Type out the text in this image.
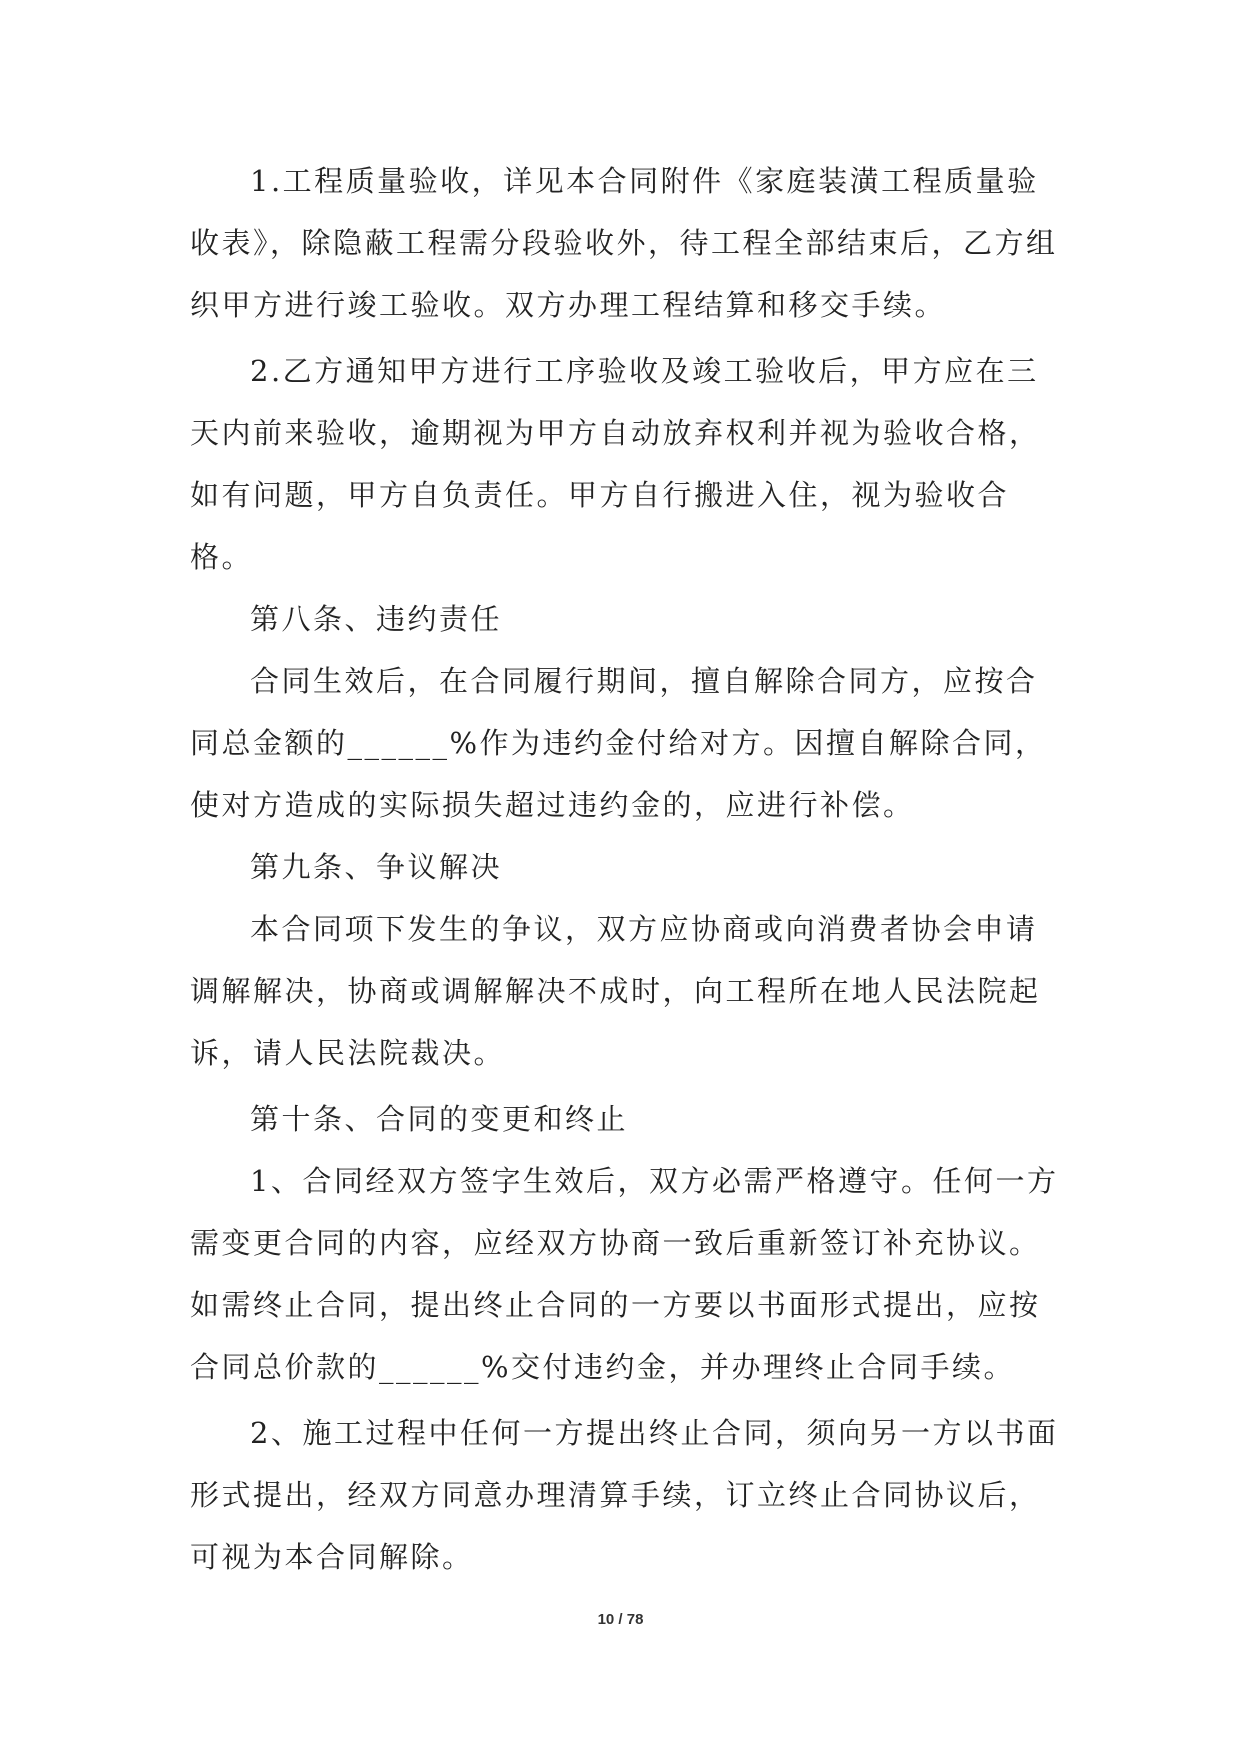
1.工程质量验收，详见本合同附件《家庭装潢工程质量验收表》，除隐蔽工程需分段验收外，待工程全部结束后，乙方组织甲方进行竣工验收。双方办理工程结算和移交手续。

2.乙方通知甲方进行工序验收及竣工验收后，甲方应在三天内前来验收，逾期视为甲方自动放弃权利并视为验收合格，如有问题，甲方自负责任。甲方自行搬进入住，视为验收合格。

第八条、违约责任

合同生效后，在合同履行期间，擅自解除合同方，应按合同总金额的______%作为违约金付给对方。因擅自解除合同，使对方造成的实际损失超过违约金的，应进行补偿。

第九条、争议解决

本合同项下发生的争议，双方应协商或向消费者协会申请调解解决，协商或调解解决不成时，向工程所在地人民法院起诉，请人民法院裁决。

第十条、合同的变更和终止

1、合同经双方签字生效后，双方必需严格遵守。任何一方需变更合同的内容，应经双方协商一致后重新签订补充协议。如需终止合同，提出终止合同的一方要以书面形式提出，应按合同总价款的______%交付违约金，并办理终止合同手续。

2、施工过程中任何一方提出终止合同，须向另一方以书面形式提出，经双方同意办理清算手续，订立终止合同协议后，可视为本合同解除。

10 / 78
